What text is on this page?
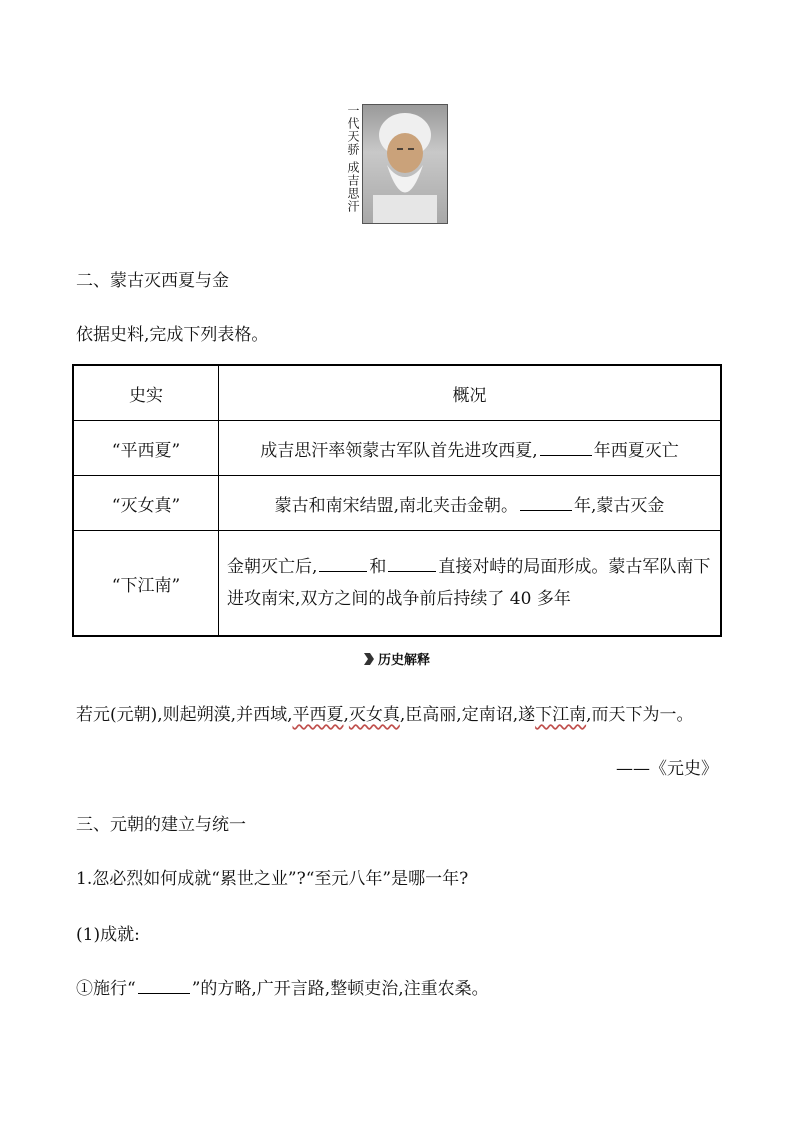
一代天骄 成吉思汗
二、蒙古灭西夏与金
依据史料,完成下列表格。
史实	概况
“平西夏”	成吉思汗率领蒙古军队首先进攻西夏, 年西夏灭亡
“灭女真”	蒙古和南宋结盟,南北夹击金朝。 年,蒙古灭金
“下江南”	金朝灭亡后, 和 直接对峙的局面形成。蒙古军队南下进攻南宋,双方之间的战争前后持续了 40 多年
历史解释
若元(元朝),则起朔漠,并西域,平西夏,灭女真,臣高丽,定南诏,遂下江南,而天下为一。
——《元史》
三、元朝的建立与统一
1.忽必烈如何成就“累世之业”?“至元八年”是哪一年?
(1)成就:
①施行“	”的方略,广开言路,整顿吏治,注重农桑。
